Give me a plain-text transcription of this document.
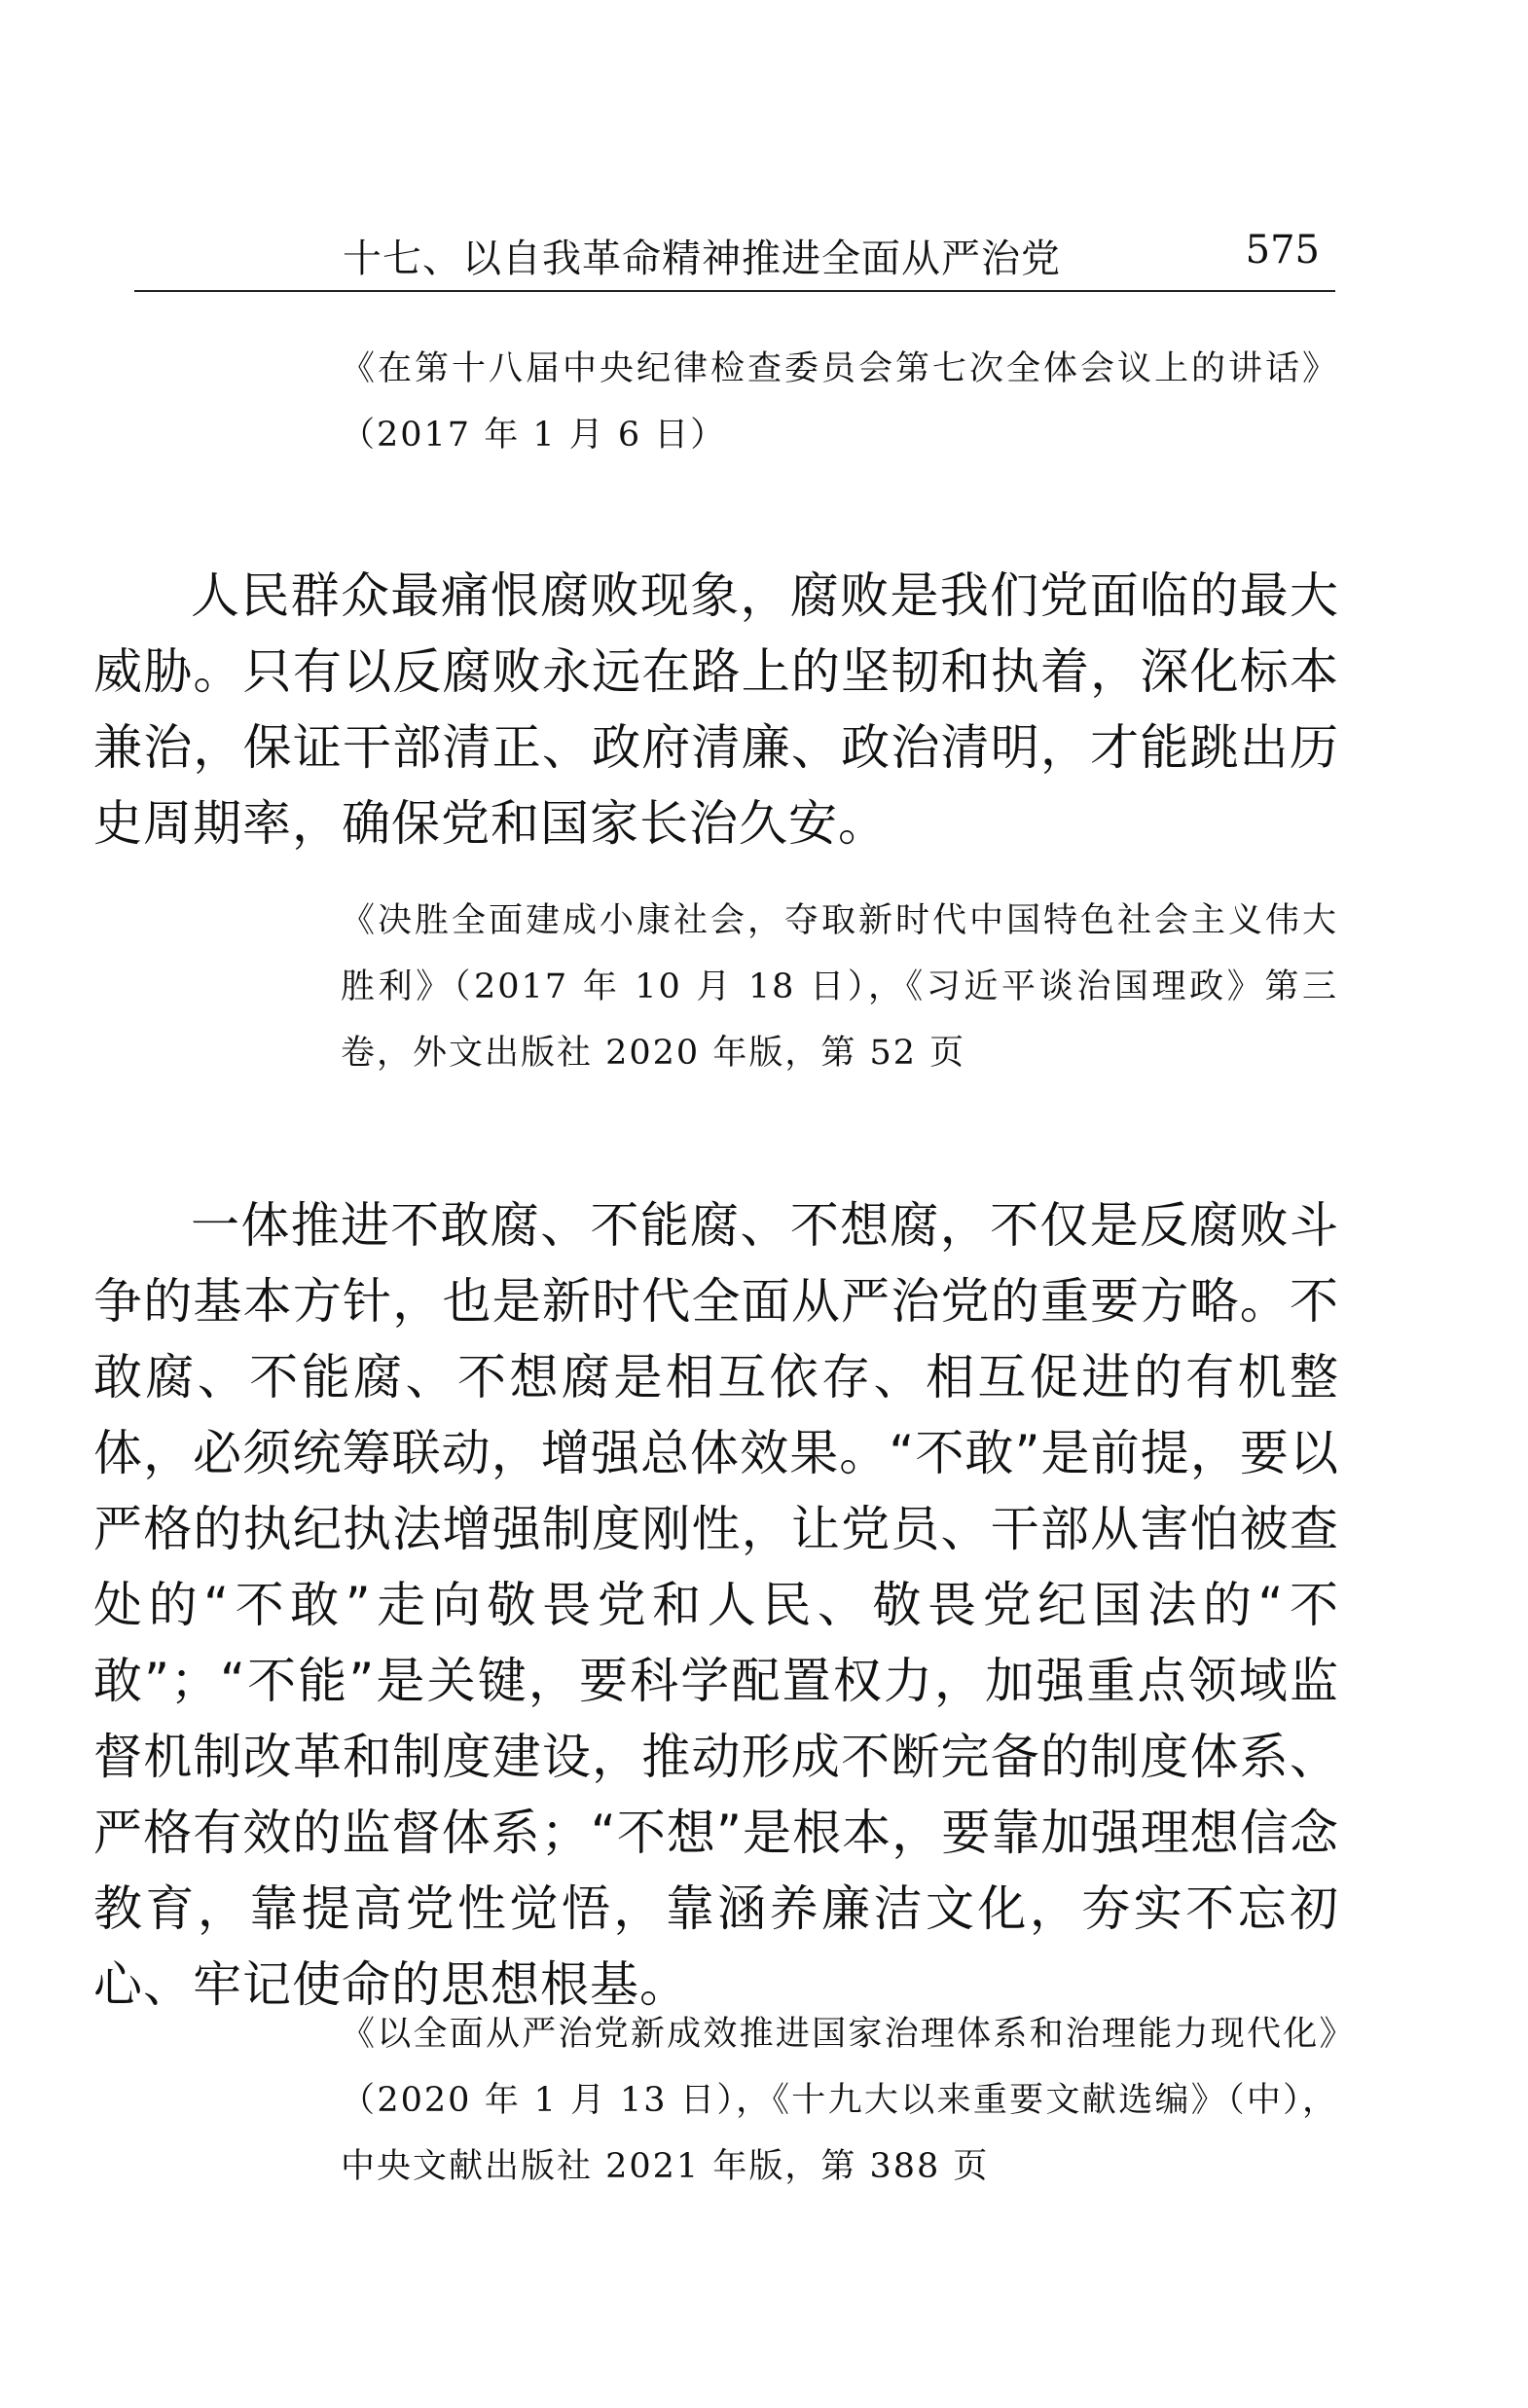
十七、以自我革命精神推进全面从严治党	575
《在第十八届中央纪律检查委员会第七次全体会议上的讲话》（2017 年 1 月 6 日）
人民群众最痛恨腐败现象，腐败是我们党面临的最大威胁。只有以反腐败永远在路上的坚韧和执着，深化标本兼治，保证干部清正、政府清廉、政治清明，才能跳出历史周期率，确保党和国家长治久安。
《决胜全面建成小康社会，夺取新时代中国特色社会主义伟大胜利》（2017 年 10 月 18 日），《习近平谈治国理政》第三卷，外文出版社 2020 年版，第 52 页
一体推进不敢腐、不能腐、不想腐，不仅是反腐败斗争的基本方针，也是新时代全面从严治党的重要方略。不敢腐、不能腐、不想腐是相互依存、相互促进的有机整体，必须统筹联动，增强总体效果。“不敢”是前提，要以严格的执纪执法增强制度刚性，让党员、干部从害怕被查处的“不敢”走向敬畏党和人民、敬畏党纪国法的“不敢”；“不能”是关键，要科学配置权力，加强重点领域监督机制改革和制度建设，推动形成不断完备的制度体系、严格有效的监督体系；“不想”是根本，要靠加强理想信念教育，靠提高党性觉悟，靠涵养廉洁文化，夯实不忘初心、牢记使命的思想根基。
《以全面从严治党新成效推进国家治理体系和治理能力现代化》（2020 年 1 月 13 日），《十九大以来重要文献选编》（中），中央文献出版社 2021 年版，第 388 页
